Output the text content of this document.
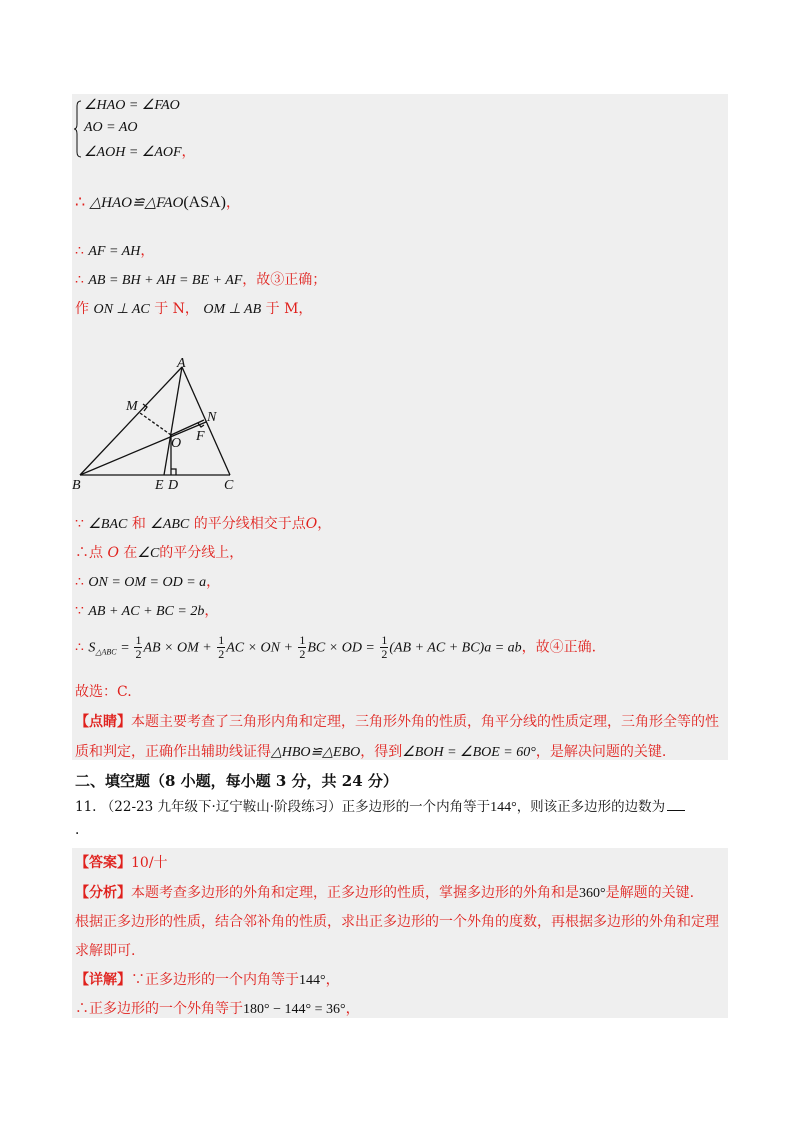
∠HAO = ∠FAO
AO = AO
∠AOH = ∠AOF，
∴ △HAO≌△FAO(ASA)，
∴ AF = AH，
∴ AB = BH + AH = BE + AF，故③正确；
作 ON ⊥ AC 于 N， OM ⊥ AB 于 M，
A
B	C
D
E
F
M
N
O
∵ ∠BAC 和 ∠ABC 的平分线相交于点O，
∴点 O 在∠C的平分线上，
∴ ON = OM = OD = a，
∵ AB + AC + BC = 2b，
∴ $S_{\triangle ABC} = \frac{1}{2}$ AB × OM + $\frac{1}{2}$ AC × ON + $\frac{1}{2}$ BC × OD = $\frac{1}{2} (AB$ + AC + BC)a = ab，故④正确.
故选：C.
【点睛】本题主要考查了三角形内角和定理，三角形外角的性质，角平分线的性质定理，三角形全等的性
质和判定，正确作出辅助线证得△HBO≌△EBO，得到∠BOH = ∠BOE = 60°，是解决问题的关键.
二、填空题（8 小题，每小题 3 分，共 24 分）
11. （22-23 九年级下·辽宁鞍山·阶段练习）正多边形的一个内角等于144°，则该正多边形的边数为
.
【答案】10/十
【分析】本题考查多边形的外角和定理，正多边形的性质，掌握多边形的外角和是360°是解题的关键.
根据正多边形的性质，结合邻补角的性质，求出正多边形的一个外角的度数，再根据多边形的外角和定理
求解即可.
【详解】∵正多边形的一个内角等于144°，
∴正多边形的一个外角等于180° − 144° = 36°，
